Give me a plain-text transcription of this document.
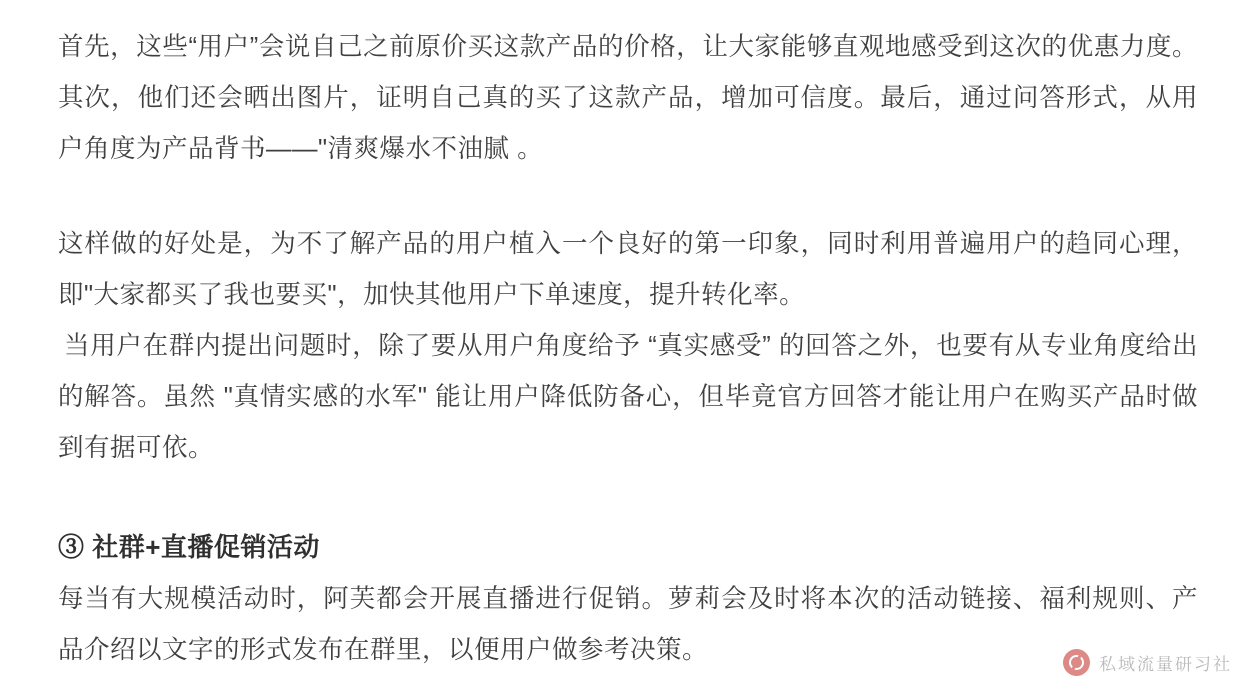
首先，这些“用户”会说自己之前原价买这款产品的价格，让大家能够直观地感受到这次的优惠力度。其次，他们还会晒出图片，证明自己真的买了这款产品，增加可信度。最后，通过问答形式，从用户角度为产品背书——"清爽爆水不油腻 。

这样做的好处是，为不了解产品的用户植入一个良好的第一印象，同时利用普遍用户的趋同心理，即"大家都买了我也要买"，加快其他用户下单速度，提升转化率。

当用户在群内提出问题时，除了要从用户角度给予 “真实感受” 的回答之外，也要有从专业角度给出的解答。虽然 "真情实感的水军" 能让用户降低防备心，但毕竟官方回答才能让用户在购买产品时做到有据可依。

③ 社群+直播促销活动

每当有大规模活动时，阿芙都会开展直播进行促销。萝莉会及时将本次的活动链接、福利规则、产品介绍以文字的形式发布在群里，以便用户做参考决策。

私域流量研习社
